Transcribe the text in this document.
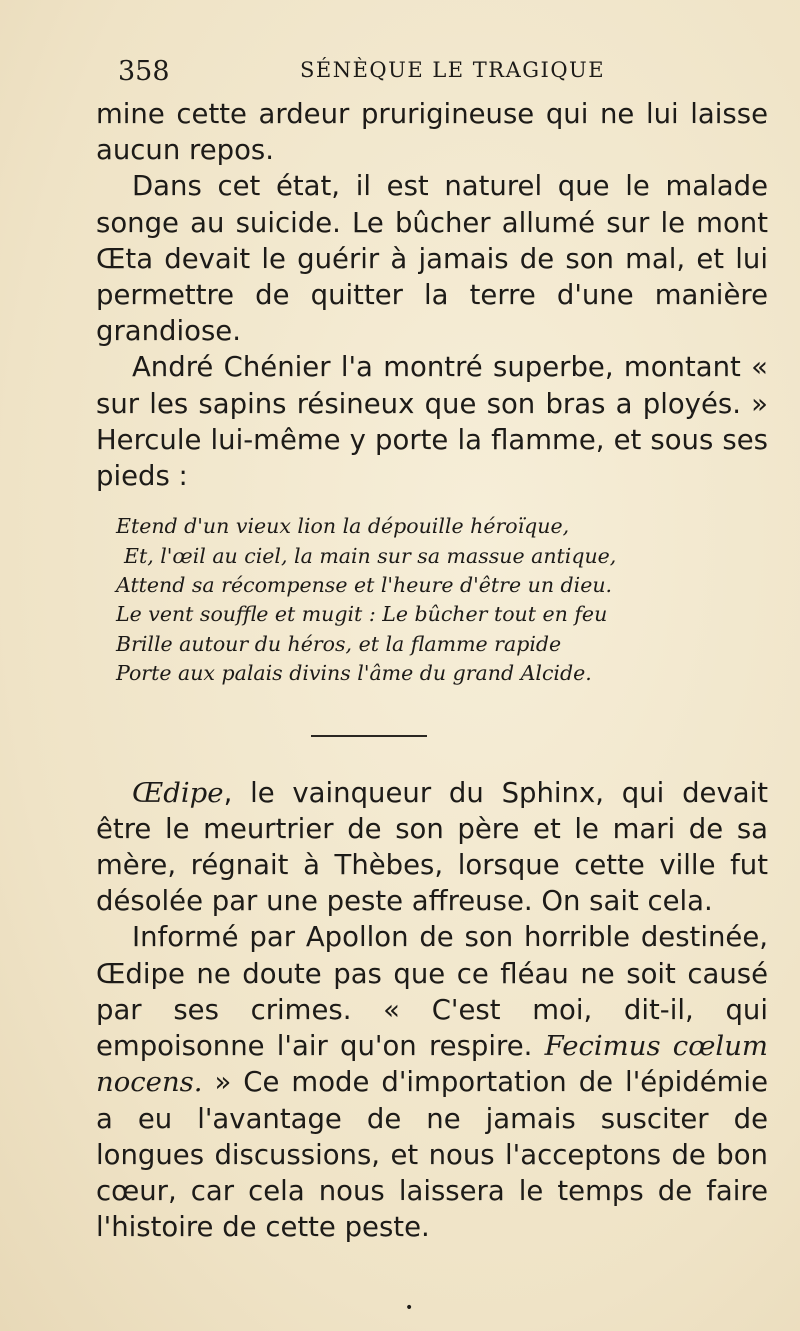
358	SÉNÈQUE LE TRAGIQUE

mine cette ardeur prurigineuse qui ne lui laisse aucun repos.

Dans cet état, il est naturel que le malade songe au suicide. Le bûcher allumé sur le mont Œta devait le guérir à jamais de son mal, et lui permettre de quitter la terre d'une manière grandiose.

André Chénier l'a montré superbe, montant « sur les sapins résineux que son bras a ployés. » Hercule lui-même y porte la flamme, et sous ses pieds :

Etend d'un vieux lion la dépouille héroïque,
Et, l'œil au ciel, la main sur sa massue antique,
Attend sa récompense et l'heure d'être un dieu.
Le vent souffle et mugit : Le bûcher tout en feu
Brille autour du héros, et la flamme rapide
Porte aux palais divins l'âme du grand Alcide.

Œdipe, le vainqueur du Sphinx, qui devait être le meurtrier de son père et le mari de sa mère, régnait à Thèbes, lorsque cette ville fut désolée par une peste affreuse. On sait cela.

Informé par Apollon de son horrible destinée, Œdipe ne doute pas que ce fléau ne soit causé par ses crimes. « C'est moi, dit-il, qui empoisonne l'air qu'on respire. Fecimus cœlum nocens. » Ce mode d'importation de l'épidémie a eu l'avantage de ne jamais susciter de longues discussions, et nous l'acceptons de bon cœur, car cela nous laissera le temps de faire l'histoire de cette peste.

•
